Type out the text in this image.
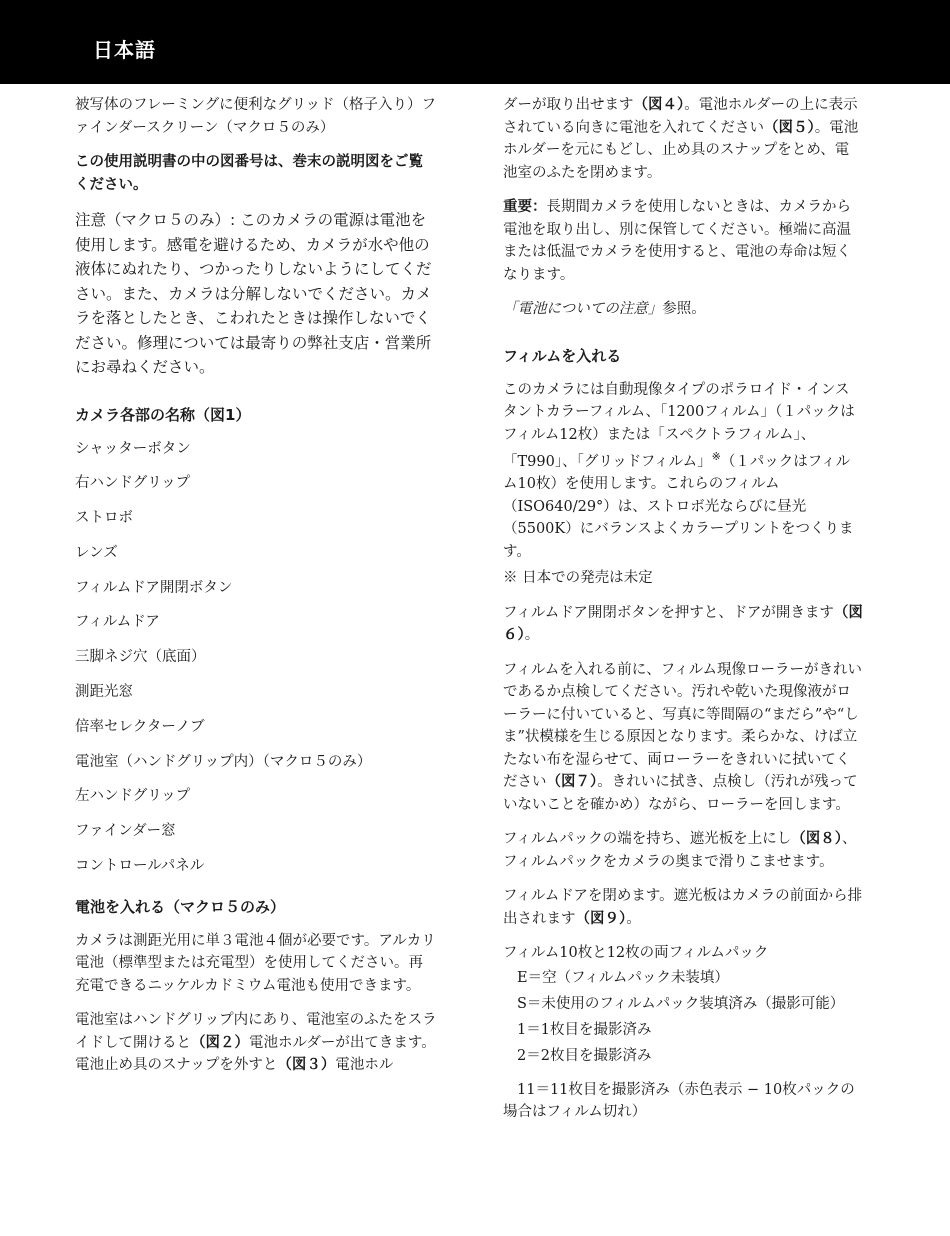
日本語

被写体のフレーミングに便利なグリッド（格子入り）ファインダースクリーン（マクロ５のみ）

この使用説明書の中の図番号は、巻末の説明図をご覧ください。

注意（マクロ５のみ）: このカメラの電源は電池を使用します。感電を避けるため、カメラが水や他の液体にぬれたり、つかったりしないようにしてください。また、カメラは分解しないでください。カメラを落としたとき、こわれたときは操作しないでください。修理については最寄りの弊社支店・営業所にお尋ねください。

カメラ各部の名称（図1）
シャッターボタン
右ハンドグリップ
ストロボ
レンズ
フィルムドア開閉ボタン
フィルムドア
三脚ネジ穴（底面）
測距光窓
倍率セレクターノブ
電池室（ハンドグリップ内）（マクロ５のみ）
左ハンドグリップ
ファインダー窓
コントロールパネル
電池を入れる（マクロ５のみ）

カメラは測距光用に単３電池４個が必要です。アルカリ電池（標準型または充電型）を使用してください。再充電できるニッケルカドミウム電池も使用できます。

電池室はハンドグリップ内にあり、電池室のふたをスライドして開けると（図２）電池ホルダーが出てきます。電池止め具のスナップを外すと（図３）電池ホル

ダーが取り出せます（図４）。電池ホルダーの上に表示されている向きに電池を入れてください（図５）。電池ホルダーを元にもどし、止め具のスナップをとめ、電池室のふたを閉めます。

重要：長期間カメラを使用しないときは、カメラから電池を取り出し、別に保管してください。極端に高温または低温でカメラを使用すると、電池の寿命は短くなります。

「電池についての注意」参照。

フィルムを入れる

このカメラには自動現像タイプのポラロイド・インスタントカラーフィルム、「1200フィルム」（１パックはフィルム12枚）または「スペクトラフィルム」、「T990」、「グリッドフィルム」※（１パックはフィルム10枚）を使用します。これらのフィルム（ISO640/29°）は、ストロボ光ならびに昼光（5500K）にバランスよくカラープリントをつくります。

※ 日本での発売は未定

フィルムドア開閉ボタンを押すと、ドアが開きます（図６）。

フィルムを入れる前に、フィルム現像ローラーがきれいであるか点検してください。汚れや乾いた現像液がローラーに付いていると、写真に等間隔の“まだら”や“しま”状模様を生じる原因となります。柔らかな、けば立たない布を湿らせて、両ローラーをきれいに拭いてください（図７）。きれいに拭き、点検し（汚れが残っていないことを確かめ）ながら、ローラーを回します。

フィルムパックの端を持ち、遮光板を上にし（図８）、フィルムパックをカメラの奥まで滑りこませます。

フィルムドアを閉めます。遮光板はカメラの前面から排出されます（図９）。

フィルム10枚と12枚の両フィルムパック

E＝空（フィルムパック未装填）
S＝未使用のフィルムパック装填済み（撮影可能）
1＝1枚目を撮影済み
2＝2枚目を撮影済み

11＝11枚目を撮影済み（赤色表示 − 10枚パックの場合はフィルム切れ）
